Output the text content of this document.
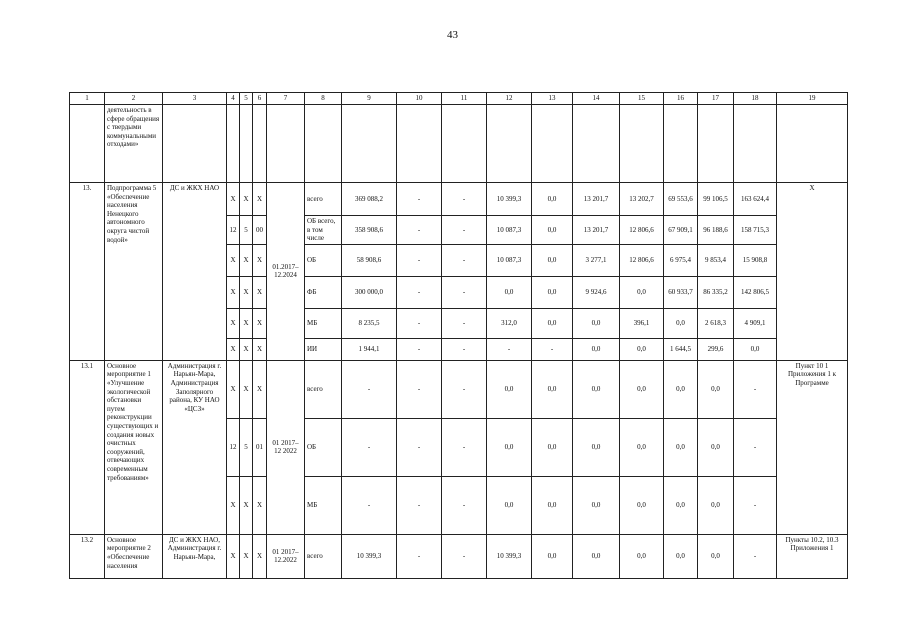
43
1	2	3	4	5	6	7	8	9	10	11	12	13	14	15	16	17	18	19
	деятельность в сфере обращения с твердыми коммунальными отходами»																	
13.	Подпрограмма 5 «Обеспечение населения Ненецкого автономного округа чистой водой»	ДС и ЖКХ НАО	X	X	X	01.2017–12.2024	всего	369 088,2	-	-	10 399,3	0,0	13 201,7	13 202,7	69 553,6	99 106,5	163 624,4	X
			12	5	00		ОБ всего, в том числе	358 908,6	-	-	10 087,3	0,0	13 201,7	12 806,6	67 909,1	96 188,6	158 715,3	
			X	X	X		ОБ	58 908,6	-	-	10 087,3	0,0	3 277,1	12 806,6	6 975,4	9 853,4	15 908,8	
			X	X	X		ФБ	300 000,0	-	-	0,0	0,0	9 924,6	0,0	60 933,7	86 335,2	142 806,5	
			X	X	X		МБ	8 235,5	-	-	312,0	0,0	0,0	396,1	0,0	2 618,3	4 909,1	
			X	X	X		ИИ	1 944,1	-	-	-	-	0,0	0,0	1 644,5	299,6	0,0	
13.1	Основное мероприятие 1 «Улучшение экологической обстановки путем реконструкции существующих и создания новых очистных сооружений, отвечающих современным требованиям»	Администрация г. Нарьян-Мара, Администрация Заполярного района, КУ НАО «ЦСЗ»	X	X	X	01 2017–12 2022	всего	-	-	-	0,0	0,0	0,0	0,0	0,0	0,0	-	Пункт 10 1 Приложения 1 к Программе
			12	5	01		ОБ	-	-	-	0,0	0,0	0,0	0,0	0,0	0,0	-	
			X	X	X		МБ	-	-	-	0,0	0,0	0,0	0,0	0,0	0,0	-	
13.2	Основное мероприятие 2 «Обеспечение населения	ДС и ЖКХ НАО, Администрация г. Нарьян-Мара,	X	X	X	01 2017–12.2022	всего	10 399,3	-	-	10 399,3	0,0	0,0	0,0	0,0	0,0	-	Пункты 10.2, 10.3 Приложения 1
